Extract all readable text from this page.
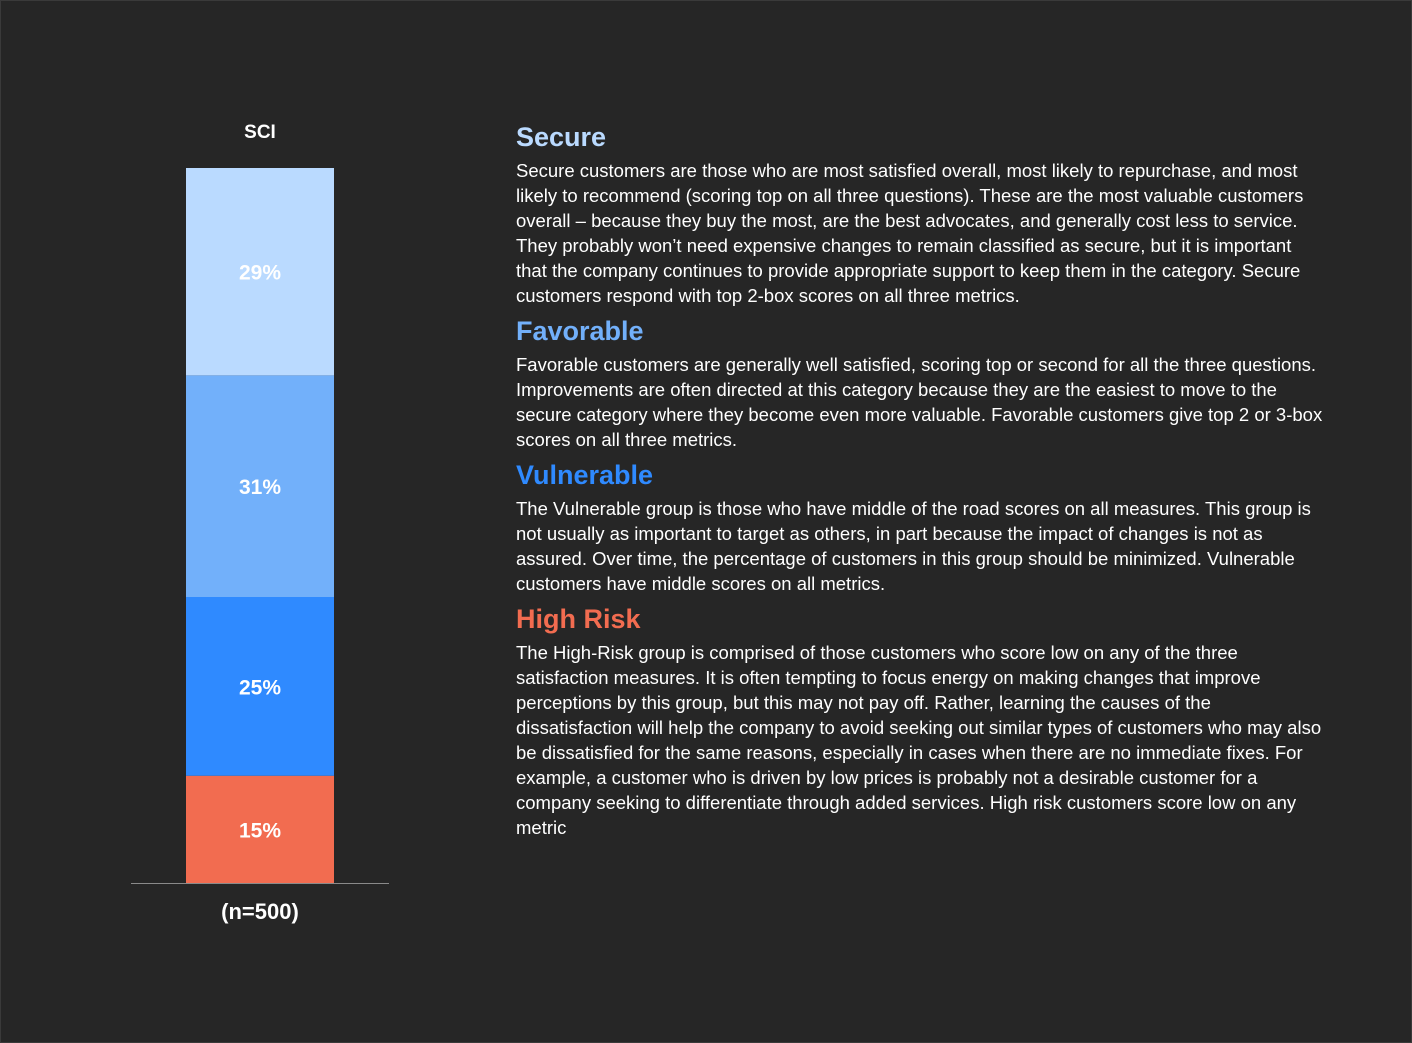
SCI
15%
25%
31%
29%
(n=500)
Secure

Secure customers are those who are most satisfied overall, most likely to repurchase, and most likely to recommend (scoring top on all three questions). These are the most valuable customers overall – because they buy the most, are the best advocates, and generally cost less to service. They probably won’t need expensive changes to remain classified as secure, but it is important that the company continues to provide appropriate support to keep them in the category. Secure customers respond with top 2-box scores on all three metrics.

Favorable

Favorable customers are generally well satisfied, scoring top or second for all the three questions. Improvements are often directed at this category because they are the easiest to move to the secure category where they become even more valuable. Favorable customers give top 2 or 3-box scores on all three metrics.

Vulnerable

The Vulnerable group is those who have middle of the road scores on all measures. This group is not usually as important to target as others, in part because the impact of changes is not as assured. Over time, the percentage of customers in this group should be minimized. Vulnerable customers have middle scores on all metrics.

High Risk

The High-Risk group is comprised of those customers who score low on any of the three satisfaction measures. It is often tempting to focus energy on making changes that improve perceptions by this group, but this may not pay off. Rather, learning the causes of the dissatisfaction will help the company to avoid seeking out similar types of customers who may also be dissatisfied for the same reasons, especially in cases when there are no immediate fixes. For example, a customer who is driven by low prices is probably not a desirable customer for a company seeking to differentiate through added services. High risk customers score low on any metric
